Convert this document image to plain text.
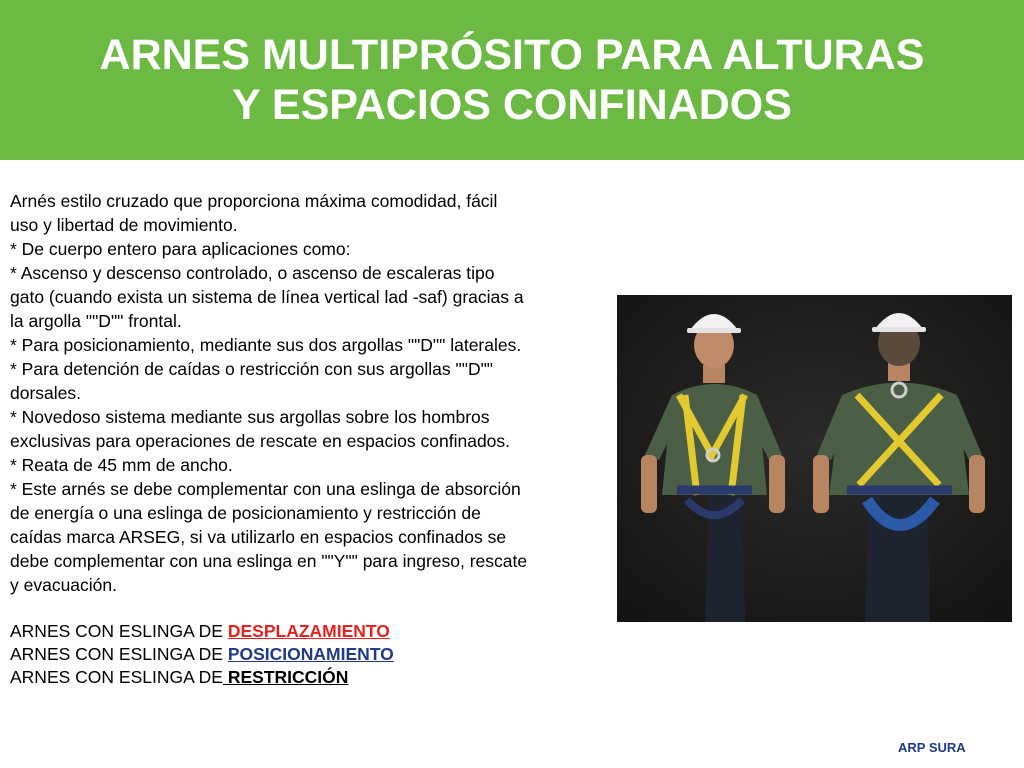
ARNES MULTIPRÓSITO PARA ALTURAS
Y ESPACIOS CONFINADOS
Arnés estilo cruzado que proporciona máxima comodidad, fácil
uso y libertad de movimiento.
* De cuerpo entero para aplicaciones como:
* Ascenso y descenso controlado, o ascenso de escaleras tipo
gato (cuando exista un sistema de línea vertical lad -saf) gracias a
la argolla ""D"" frontal.
* Para posicionamiento, mediante sus dos argollas ""D"" laterales.
* Para detención de caídas o restricción con sus argollas ""D""
dorsales.
* Novedoso sistema mediante sus argollas sobre los hombros
exclusivas para operaciones de rescate en espacios confinados.
* Reata de 45 mm de ancho.
* Este arnés se debe complementar con una eslinga de absorción
de energía o una eslinga de posicionamiento y restricción de
caídas marca ARSEG, si va utilizarlo en espacios confinados se
debe complementar con una eslinga en ""Y"" para ingreso, rescate
y evacuación.
ARNES CON ESLINGA DE DESPLAZAMIENTO
ARNES CON ESLINGA DE POSICIONAMIENTO
ARNES CON ESLINGA DE RESTRICCIÓN
ARP SURA
